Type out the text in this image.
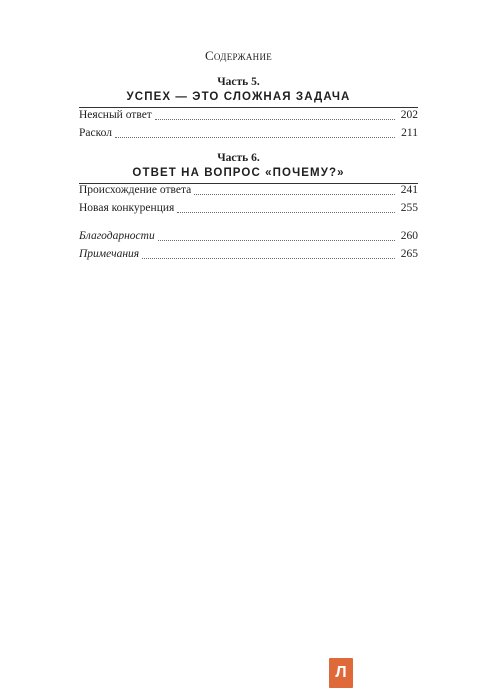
Содержание
Часть 5.
УСПЕХ — ЭТО СЛОЖНАЯ ЗАДАЧА
Неясный ответ	202
Раскол	211
Часть 6.
ОТВЕТ НА ВОПРОС «ПОЧЕМУ?»
Происхождение ответа	241
Новая конкуренция	255
Благодарности	260
Примечания	265
Л
